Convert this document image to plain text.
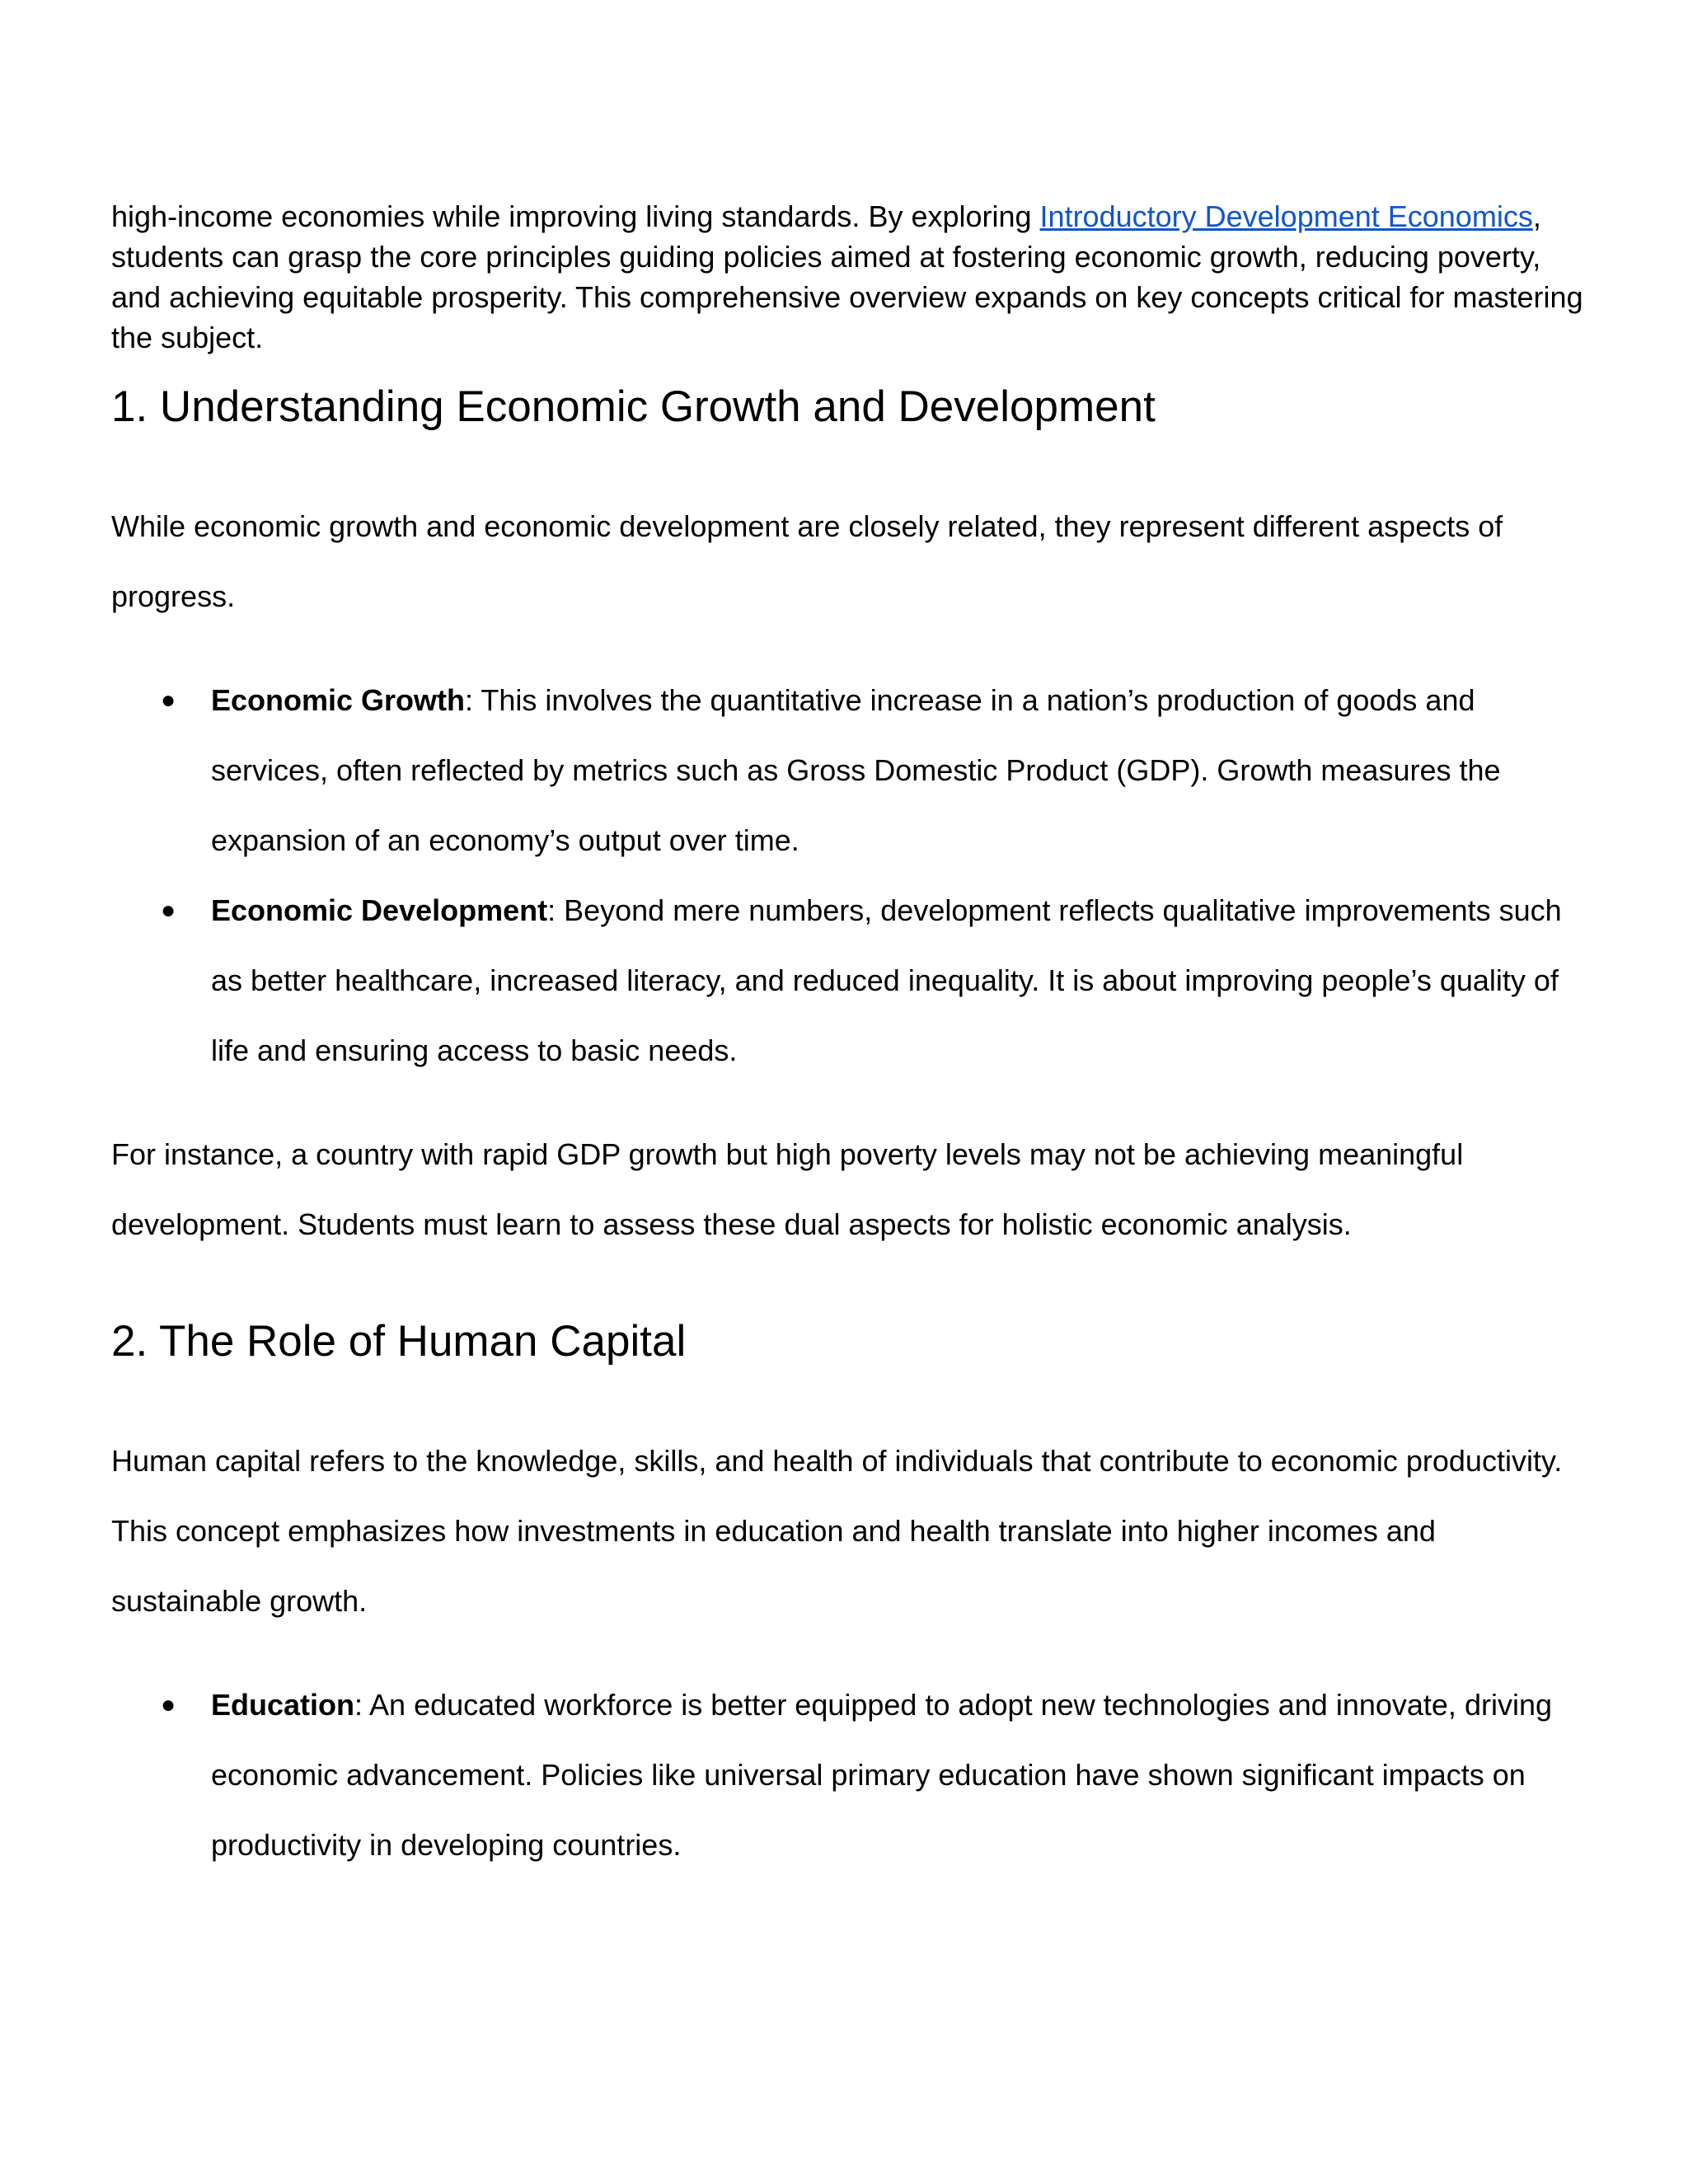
high-income economies while improving living standards. By exploring Introductory Development Economics, students can grasp the core principles guiding policies aimed at fostering economic growth, reducing poverty, and achieving equitable prosperity. This comprehensive overview expands on key concepts critical for mastering the subject.

1. Understanding Economic Growth and Development

While economic growth and economic development are closely related, they represent different aspects of progress.

● Economic Growth: This involves the quantitative increase in a nation’s production of goods and services, often reflected by metrics such as Gross Domestic Product (GDP). Growth measures the expansion of an economy’s output over time.
● Economic Development: Beyond mere numbers, development reflects qualitative improvements such as better healthcare, increased literacy, and reduced inequality. It is about improving people’s quality of life and ensuring access to basic needs.

For instance, a country with rapid GDP growth but high poverty levels may not be achieving meaningful development. Students must learn to assess these dual aspects for holistic economic analysis.

2. The Role of Human Capital

Human capital refers to the knowledge, skills, and health of individuals that contribute to economic productivity. This concept emphasizes how investments in education and health translate into higher incomes and sustainable growth.

● Education: An educated workforce is better equipped to adopt new technologies and innovate, driving economic advancement. Policies like universal primary education have shown significant impacts on productivity in developing countries.
